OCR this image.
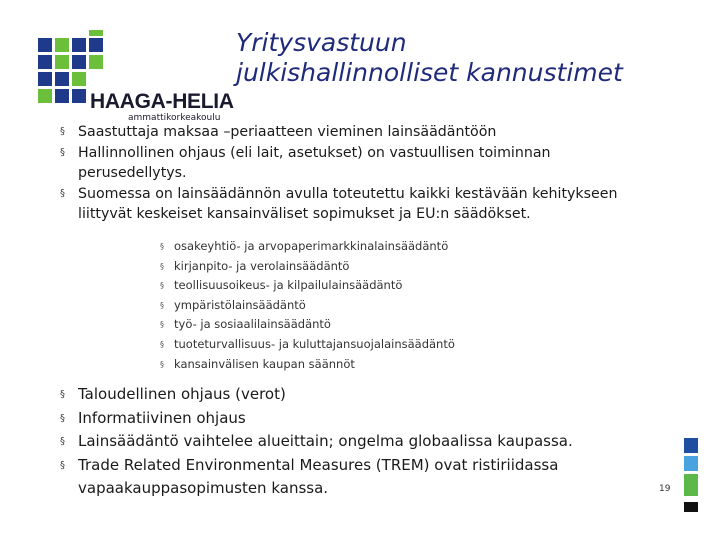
HAAGA-HELIA
ammattikorkeakoulu
Yritysvastuun
julkishallinnolliset kannustimet
§ Saastuttaja maksaa –periaatteen vieminen lainsäädäntöön
§ Hallinnollinen ohjaus (eli lait, asetukset) on vastuullisen toiminnan
perusedellytys.
§ Suomessa on lainsäädännön avulla toteutettu kaikki kestävään kehitykseen
liittyvät keskeiset kansainväliset sopimukset ja EU:n säädökset.
§ osakeyhtiö- ja arvopaperimarkkinalainsäädäntö
§ kirjanpito- ja verolainsäädäntö
§ teollisuusoikeus- ja kilpailulainsäädäntö
§ ympäristölainsäädäntö
§ työ- ja sosiaalilainsäädäntö
§ tuoteturvallisuus- ja kuluttajansuojalainsäädäntö
§ kansainvälisen kaupan säännöt
§ Taloudellinen ohjaus (verot)
§ Informatiivinen ohjaus
§ Lainsäädäntö vaihtelee alueittain; ongelma globaalissa kaupassa.
§ Trade Related Environmental Measures (TREM) ovat ristiriidassa
vapaakauppasopimusten kanssa.	19
